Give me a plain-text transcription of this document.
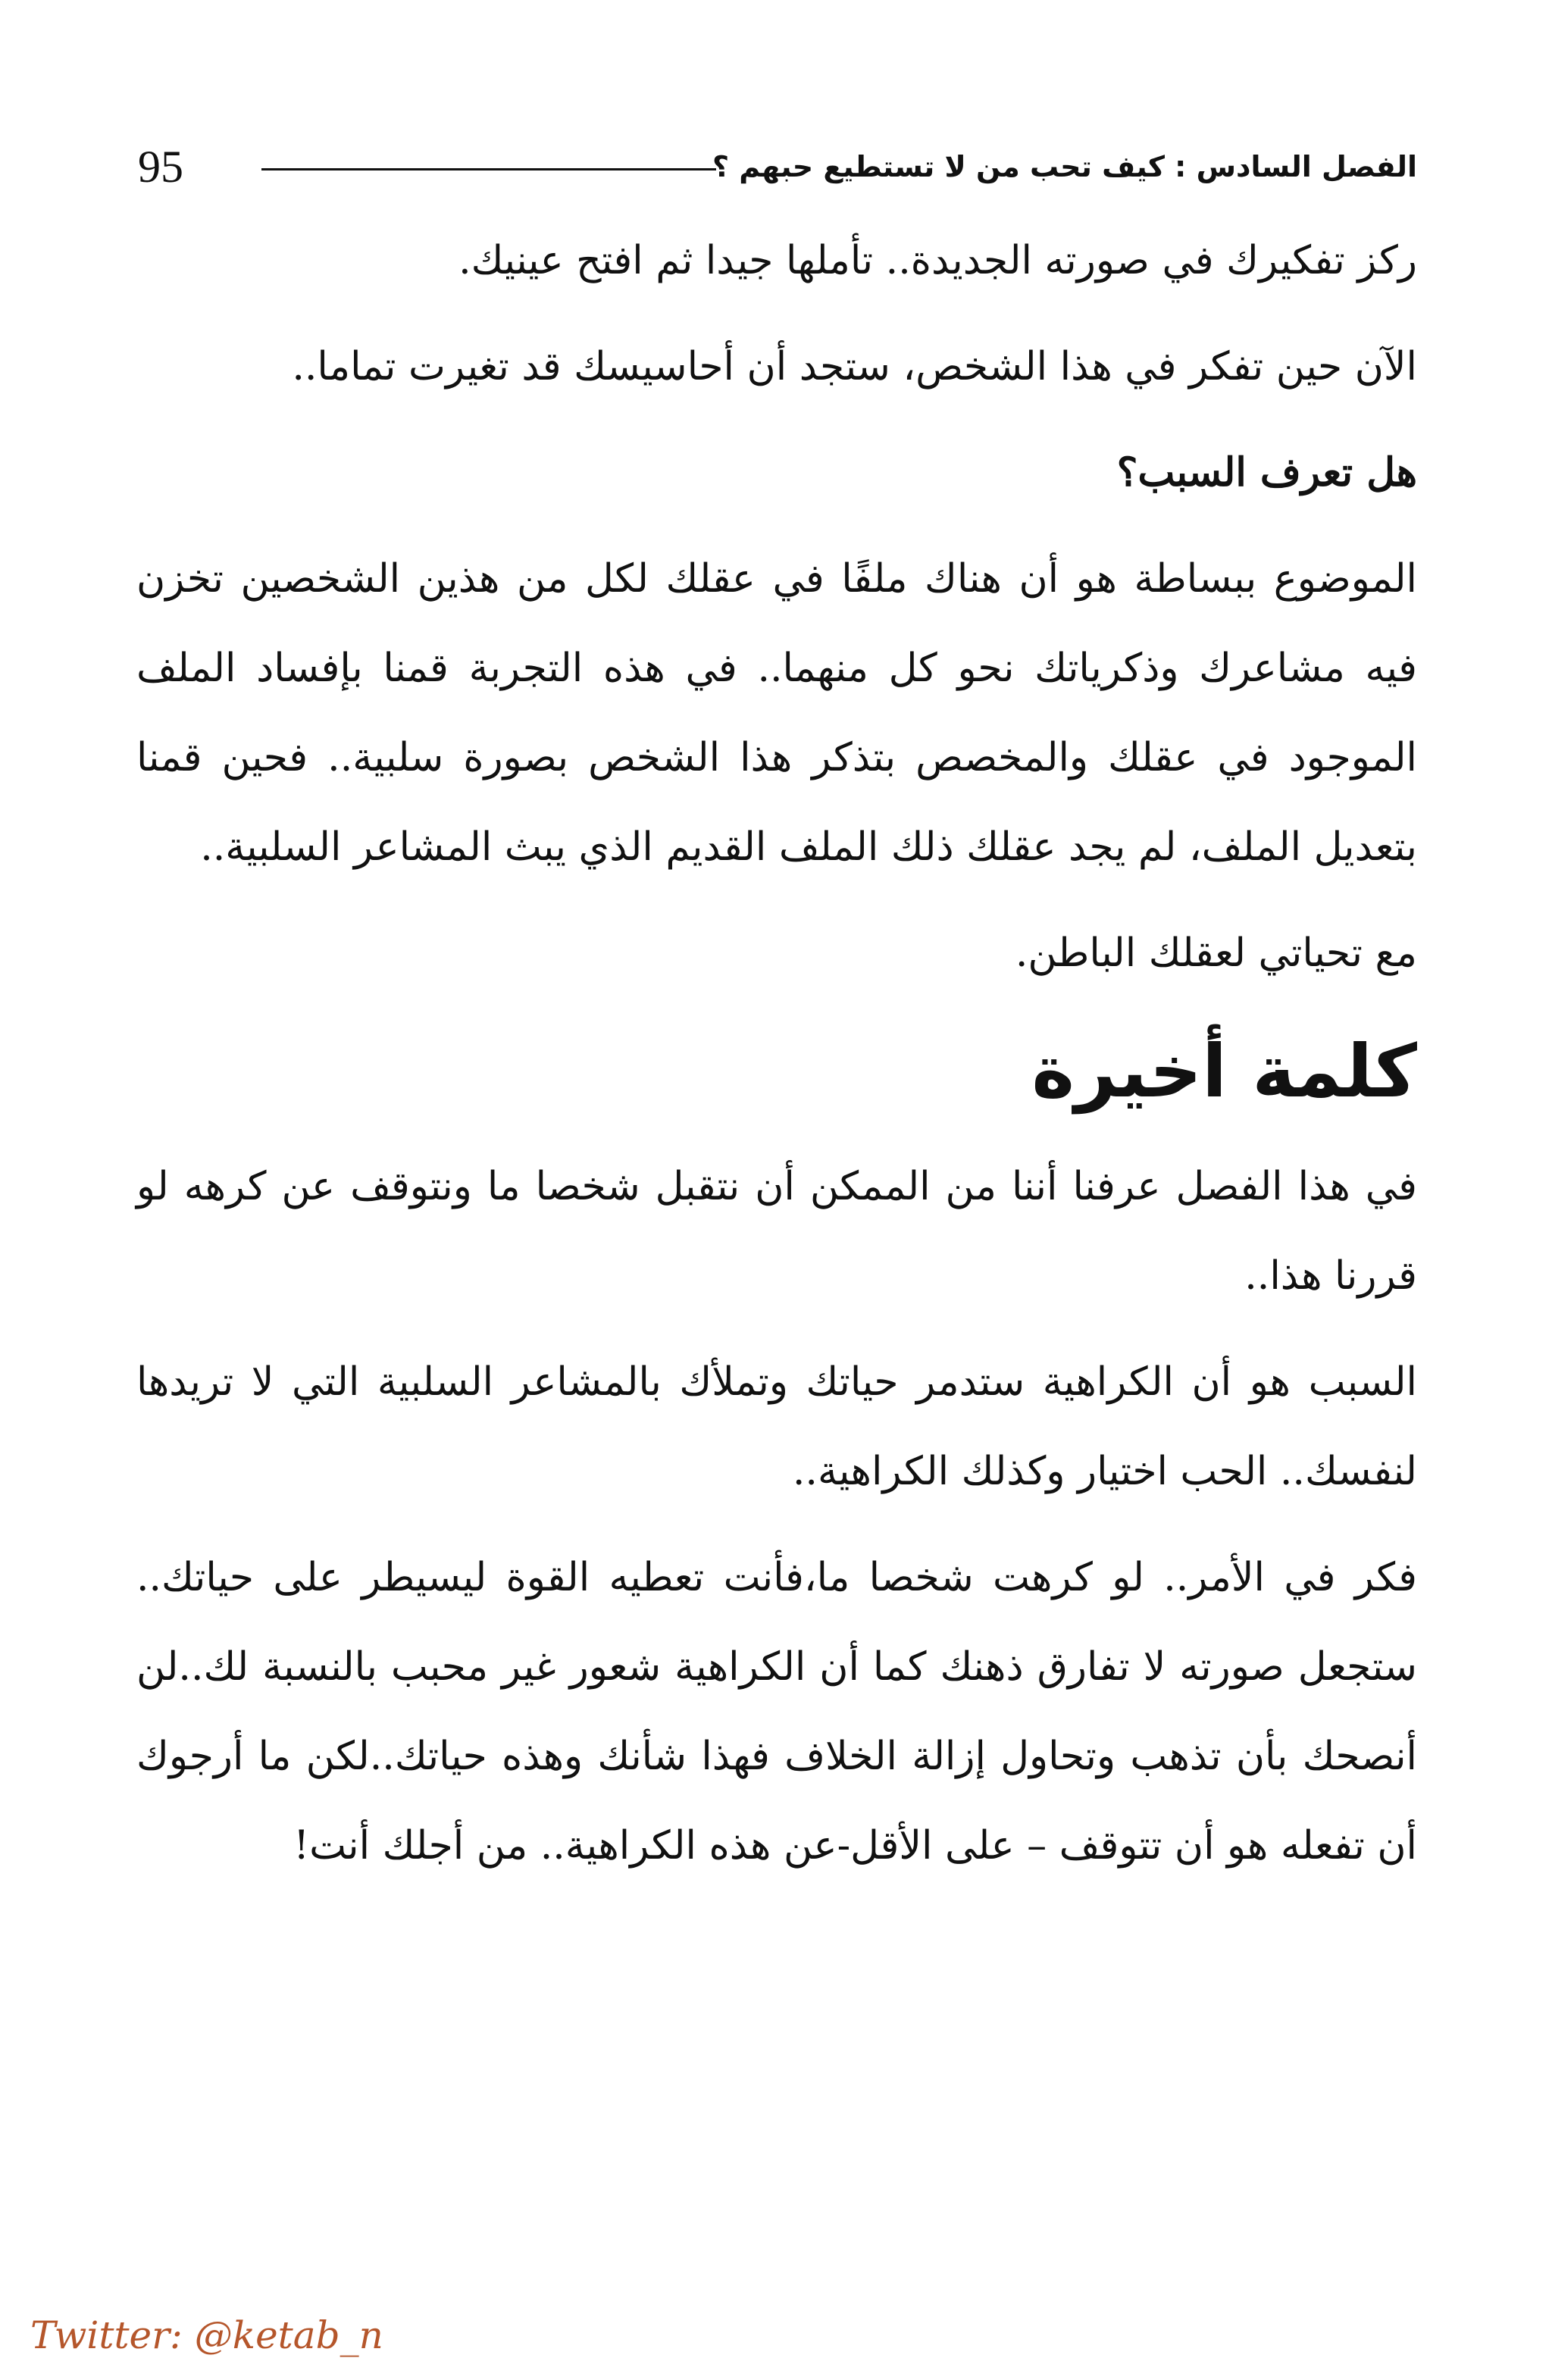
95	الفصل السادس : كيف تحب من لا تستطيع حبهم ؟

ركز تفكيرك في صورته الجديدة.. تأملها جيدا ثم افتح عينيك.

الآن حين تفكر في هذا الشخص، ستجد أن أحاسيسك قد تغيرت تماما..

هل تعرف السبب؟

الموضوع ببساطة هو أن هناك ملفًا في عقلك لكل من هذين الشخصين تخزن فيه مشاعرك وذكرياتك نحو كل منهما.. في هذه التجربة قمنا بإفساد الملف الموجود في عقلك والمخصص بتذكر هذا الشخص بصورة سلبية.. فحين قمنا بتعديل الملف، لم يجد عقلك ذلك الملف القديم الذي يبث المشاعر السلبية..

مع تحياتي لعقلك الباطن.

كلمة أخيرة

في هذا الفصل عرفنا أننا من الممكن أن نتقبل شخصا ما ونتوقف عن كرهه لو قررنا هذا..

السبب هو أن الكراهية ستدمر حياتك وتملأك بالمشاعر السلبية التي لا تريدها لنفسك.. الحب اختيار وكذلك الكراهية..

فكر في الأمر.. لو كرهت شخصا ما،فأنت تعطيه القوة ليسيطر على حياتك.. ستجعل صورته لا تفارق ذهنك كما أن الكراهية شعور غير محبب بالنسبة لك..لن أنصحك بأن تذهب وتحاول إزالة الخلاف فهذا شأنك وهذه حياتك..لكن ما أرجوك أن تفعله هو أن تتوقف – على الأقل-عن هذه الكراهية.. من أجلك أنت!

Twitter: @ketab_n
